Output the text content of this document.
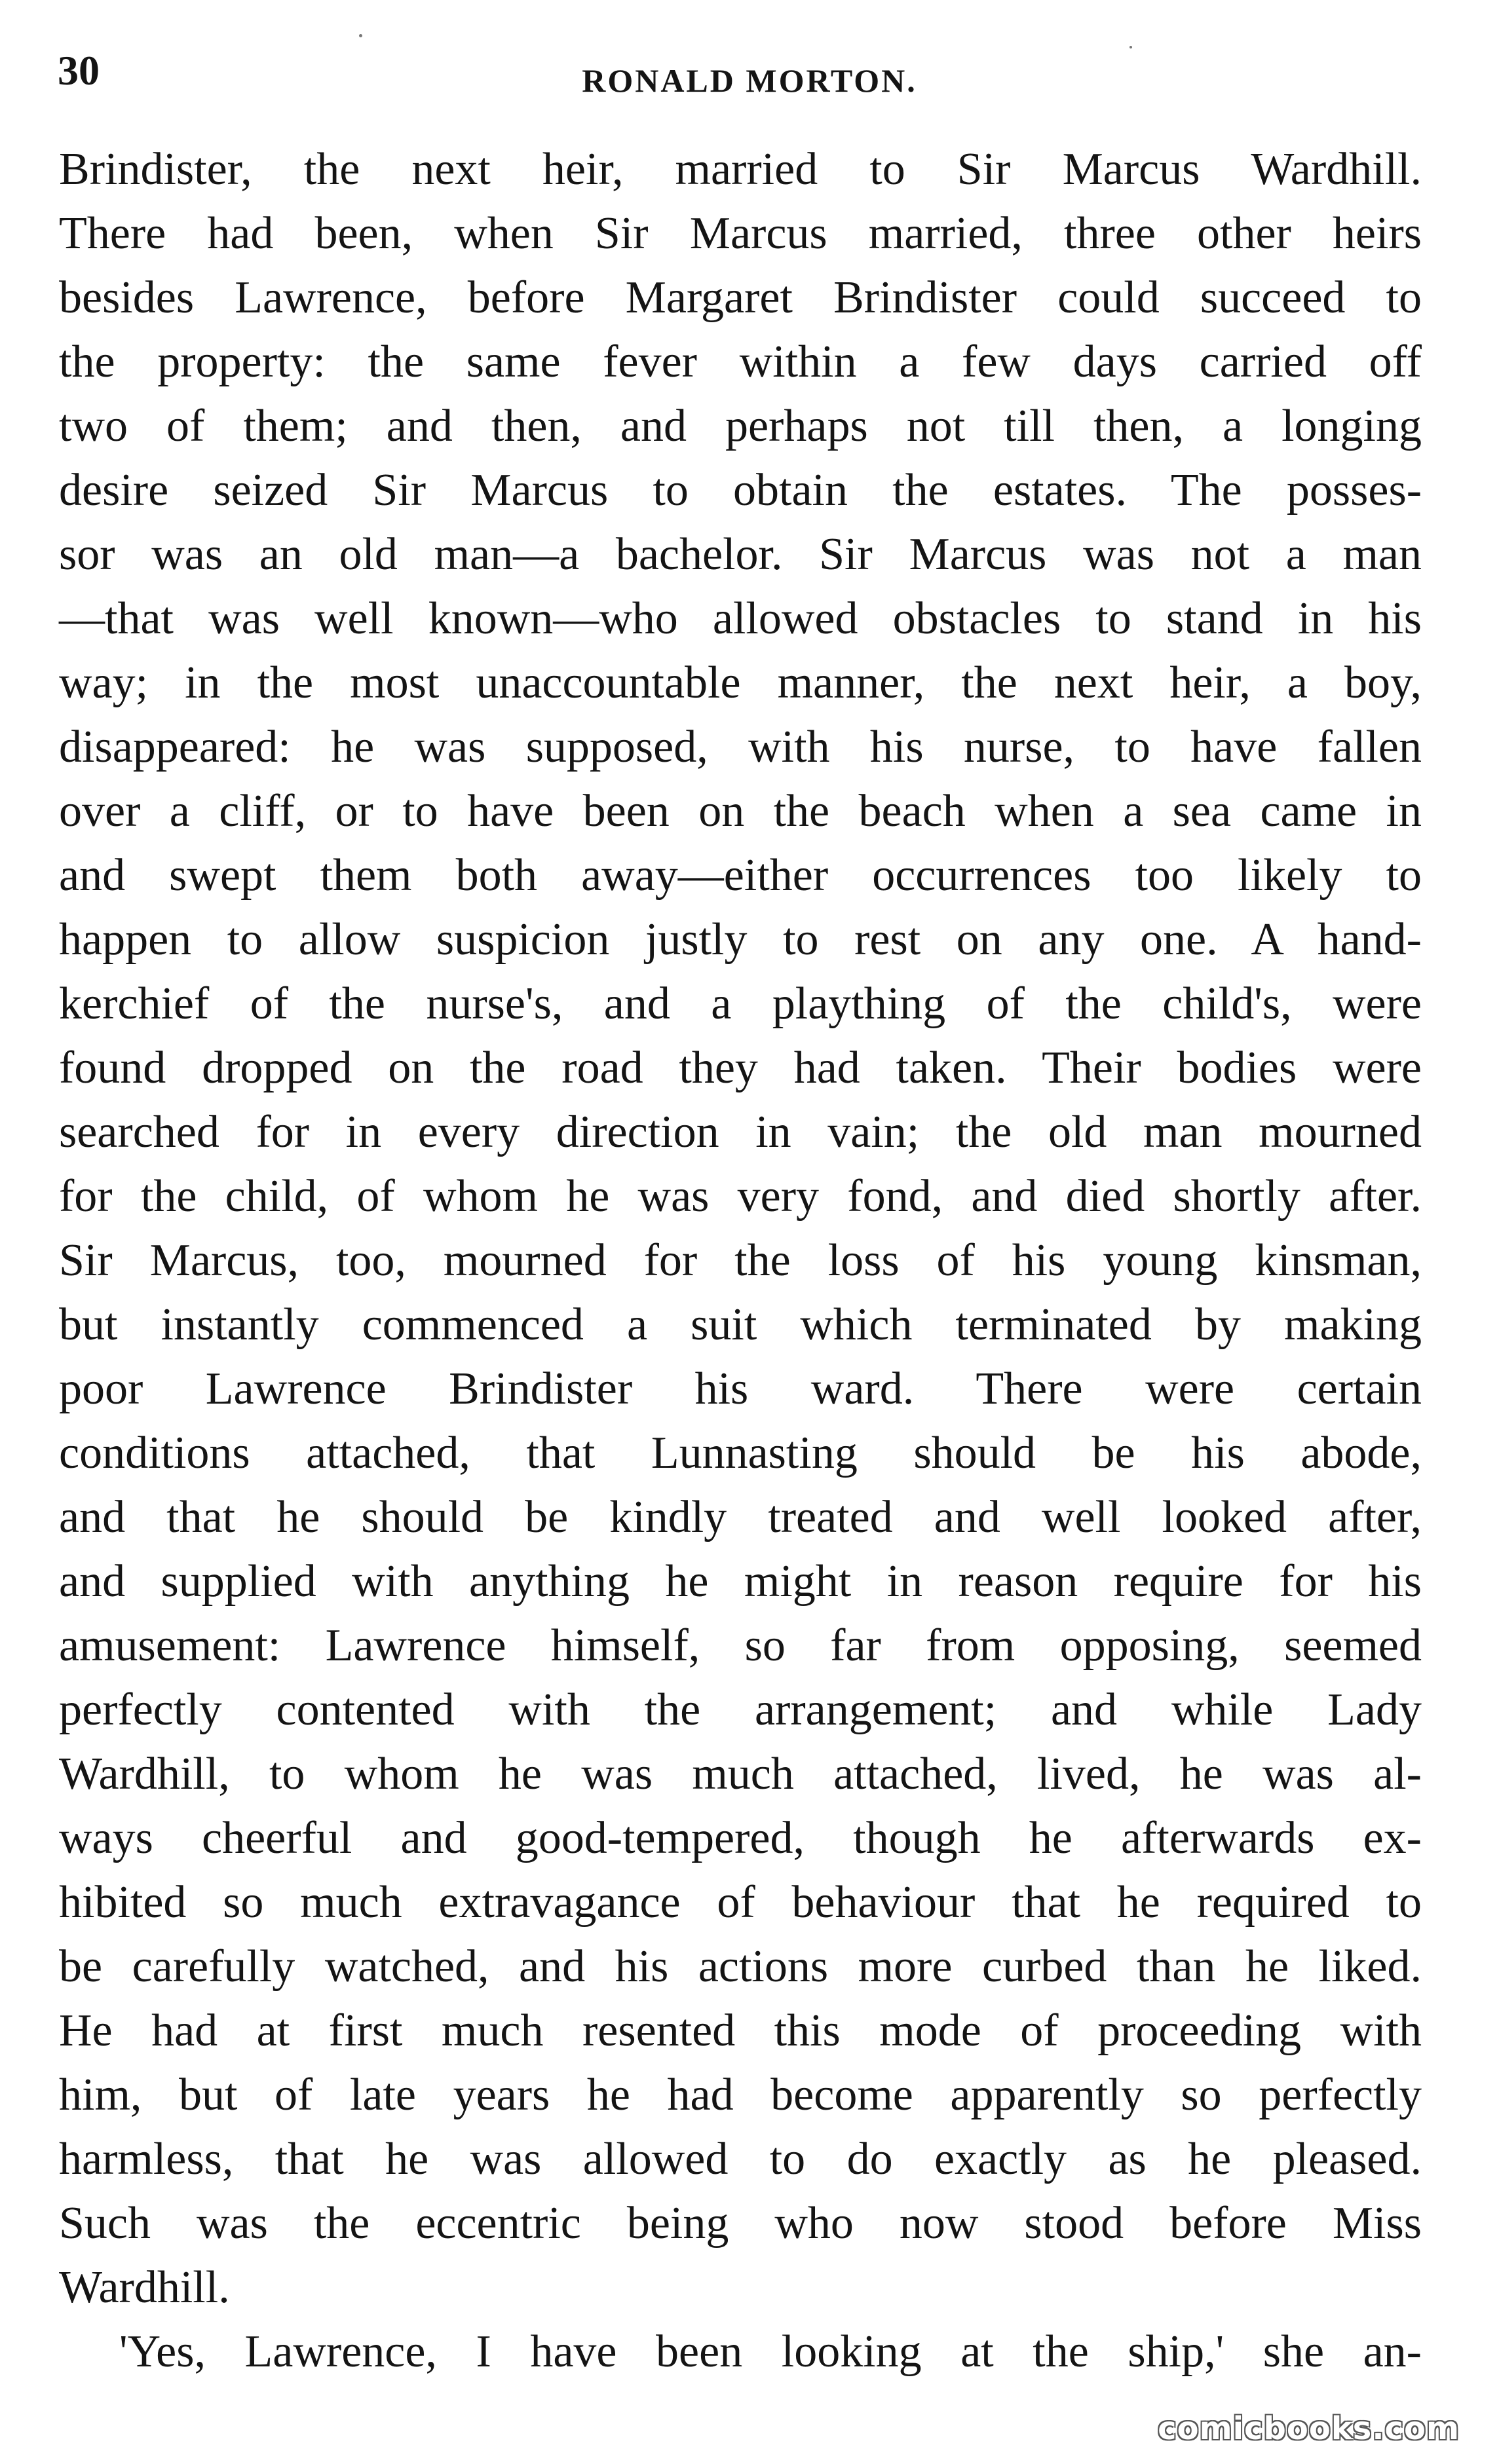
30	RONALD MORTON.
Brindister, the next heir, married to Sir Marcus Wardhill.
There had been, when Sir Marcus married, three other heirs
besides Lawrence, before Margaret Brindister could succeed to
the property: the same fever within a few days carried off
two of them; and then, and perhaps not till then, a longing
desire seized Sir Marcus to obtain the estates. The posses-
sor was an old man—a bachelor. Sir Marcus was not a man
—that was well known—who allowed obstacles to stand in his
way; in the most unaccountable manner, the next heir, a boy,
disappeared: he was supposed, with his nurse, to have fallen
over a cliff, or to have been on the beach when a sea came in
and swept them both away—either occurrences too likely to
happen to allow suspicion justly to rest on any one. A hand-
kerchief of the nurse's, and a plaything of the child's, were
found dropped on the road they had taken. Their bodies were
searched for in every direction in vain; the old man mourned
for the child, of whom he was very fond, and died shortly after.
Sir Marcus, too, mourned for the loss of his young kinsman,
but instantly commenced a suit which terminated by making
poor Lawrence Brindister his ward. There were certain
conditions attached, that Lunnasting should be his abode,
and that he should be kindly treated and well looked after,
and supplied with anything he might in reason require for his
amusement: Lawrence himself, so far from opposing, seemed
perfectly contented with the arrangement; and while Lady
Wardhill, to whom he was much attached, lived, he was al-
ways cheerful and good-tempered, though he afterwards ex-
hibited so much extravagance of behaviour that he required to
be carefully watched, and his actions more curbed than he liked.
He had at first much resented this mode of proceeding with
him, but of late years he had become apparently so perfectly
harmless, that he was allowed to do exactly as he pleased.
Such was the eccentric being who now stood before Miss
Wardhill.
'Yes, Lawrence, I have been looking at the ship,' she an-
comicbooks.com
